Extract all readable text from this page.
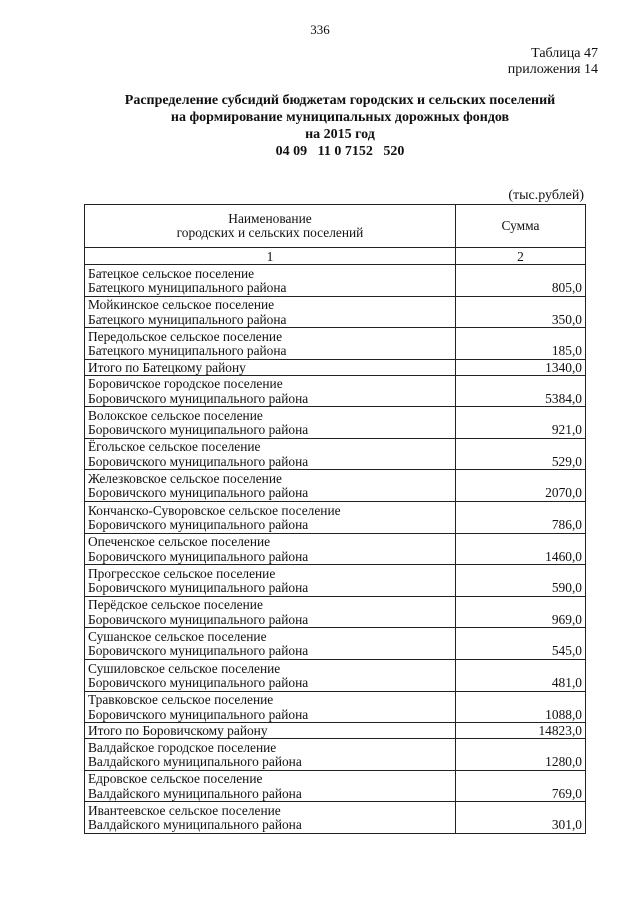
336
Таблица 47
приложения 14
Распределение субсидий бюджетам городских и сельских поселений
на формирование муниципальных дорожных фондов
на 2015 год
04 09   11 0 7152   520
(тыс.рублей)
Наименование
городских и сельских поселений	Сумма
1	2

Батецкое сельское поселение
Батецкого муниципального района	805,0

Мойкинское сельское поселение
Батецкого муниципального района	350,0

Передольское сельское поселение
Батецкого муниципального района	185,0
Итого по Батецкому району	1340,0

Боровичское городское поселение
Боровичского муниципального района	5384,0

Волокское сельское поселение
Боровичского муниципального района	921,0

Ёгольское сельское поселение
Боровичского муниципального района	529,0

Железковское сельское поселение
Боровичского муниципального района	2070,0

Кончанско-Суворовское сельское поселение
Боровичского муниципального района	786,0

Опеченское сельское поселение
Боровичского муниципального района	1460,0

Прогресское сельское поселение
Боровичского муниципального района	590,0

Перёдское сельское поселение
Боровичского муниципального района	969,0

Сушанское сельское поселение
Боровичского муниципального района	545,0

Сушиловское сельское поселение
Боровичского муниципального района	481,0

Травковское сельское поселение
Боровичского муниципального района	1088,0
Итого по Боровичскому району	14823,0

Валдайское городское поселение
Валдайского муниципального района	1280,0

Едровское сельское поселение
Валдайского муниципального района	769,0

Ивантеевское сельское поселение
Валдайского муниципального района	301,0
